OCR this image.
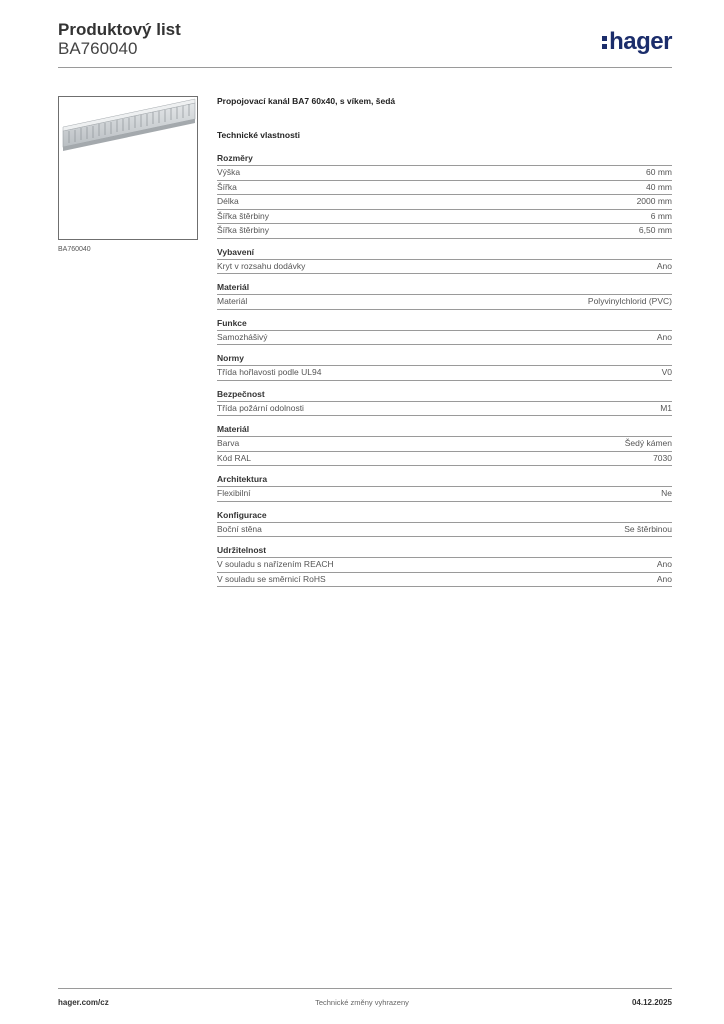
Produktový list
BA760040	hager
BA760040
Propojovací kanál BA7 60x40, s víkem, šedá
Technické vlastnosti
Rozměry
Výška	60 mm
Šířka	40 mm
Délka	2000 mm
Šířka štěrbiny	6 mm
Šířka štěrbiny	6,50 mm
Vybavení
Kryt v rozsahu dodávky	Ano
Materiál
Materiál	Polyvinylchlorid (PVC)
Funkce
Samozhášivý	Ano
Normy
Třída hořlavosti podle UL94	V0
Bezpečnost
Třída požární odolnosti	M1
Materiál
Barva	Šedý kámen
Kód RAL	7030
Architektura
Flexibilní	Ne
Konfigurace
Boční stěna	Se štěrbinou
Udržitelnost
V souladu s nařízením REACH	Ano
V souladu se směrnicí RoHS	Ano
hager.com/cz	Technické změny vyhrazeny	04.12.2025
